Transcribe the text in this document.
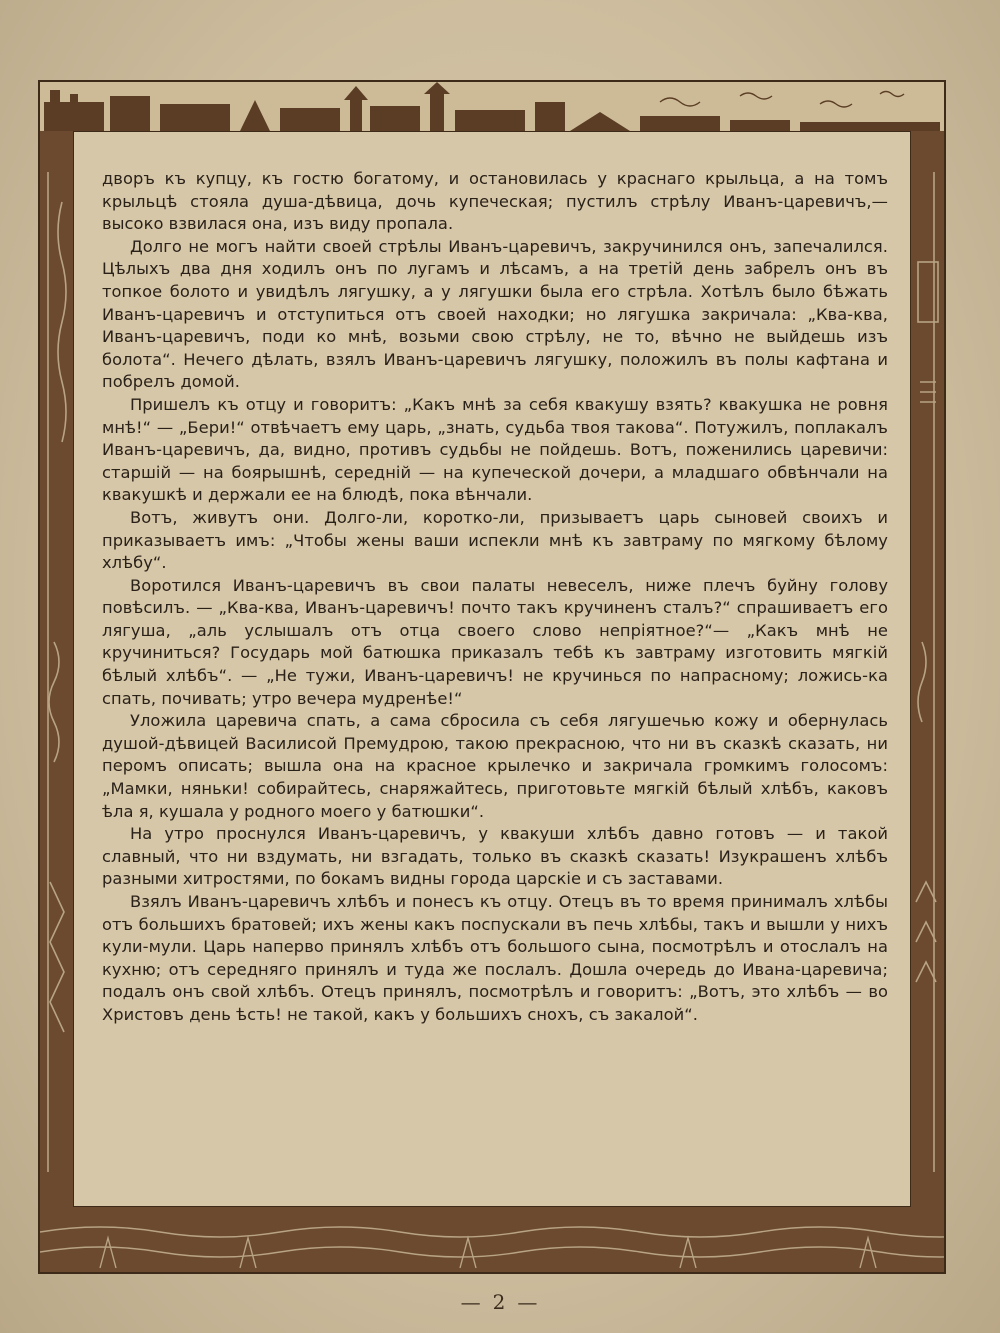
дворъ къ купцу, къ гостю богатому, и остановилась у краснаго крыльца, а на томъ крыльцѣ стояла душа-дѣвица, дочь купеческая; пустилъ стрѣлу Иванъ-царевичъ,—высоко взвилася она, изъ виду пропала.

Долго не могъ найти своей стрѣлы Иванъ-царевичъ, закручинился онъ, запечалился. Цѣлыхъ два дня ходилъ онъ по лугамъ и лѣсамъ, а на третій день забрелъ онъ въ топкое болото и увидѣлъ лягушку, а у лягушки была его стрѣла. Хотѣлъ было бѣжать Иванъ-царевичъ и отступиться отъ своей находки; но лягушка закричала: „Ква-ква, Иванъ-царевичъ, поди ко мнѣ, возьми свою стрѣлу, не то, вѣчно не выйдешь изъ болота“. Нечего дѣлать, взялъ Иванъ-царевичъ лягушку, положилъ въ полы кафтана и побрелъ домой.

Пришелъ къ отцу и говоритъ: „Какъ мнѣ за себя квакушу взять? квакушка не ровня мнѣ!“ — „Бери!“ отвѣчаетъ ему царь, „знать, судьба твоя такова“. Потужилъ, поплакалъ Иванъ-царевичъ, да, видно, противъ судьбы не пойдешь. Вотъ, поженились царевичи: старшій — на боярышнѣ, середній — на купеческой дочери, а младшаго обвѣнчали на квакушкѣ и держали ее на блюдѣ, пока вѣнчали.

Вотъ, живутъ они. Долго-ли, коротко-ли, призываетъ царь сыновей своихъ и приказываетъ имъ: „Чтобы жены ваши испекли мнѣ къ завтраму по мягкому бѣлому хлѣбу“.

Воротился Иванъ-царевичъ въ свои палаты невеселъ, ниже плечъ буйну голову повѣсилъ. — „Ква-ква, Иванъ-царевичъ! почто такъ кручиненъ сталъ?“ спрашиваетъ его лягуша, „аль услышалъ отъ отца своего слово непріятное?“— „Какъ мнѣ не кручиниться? Государь мой батюшка приказалъ тебѣ къ завтраму изготовить мягкій бѣлый хлѣбъ“. — „Не тужи, Иванъ-царевичъ! не кручинься по напрасному; ложись-ка спать, почивать; утро вечера мудренѣе!“

Уложила царевича спать, а сама сбросила съ себя лягушечью кожу и обернулась душой-дѣвицей Василисой Премудрою, такою прекрасною, что ни въ сказкѣ сказать, ни перомъ описать; вышла она на красное крылечко и закричала громкимъ голосомъ: „Мамки, няньки! собирайтесь, снаряжайтесь, приготовьте мягкій бѣлый хлѣбъ, каковъ ѣла я, кушала у родного моего у батюшки“.

На утро проснулся Иванъ-царевичъ, у квакуши хлѣбъ давно готовъ — и такой славный, что ни вздумать, ни взгадать, только въ сказкѣ сказать! Изукрашенъ хлѣбъ разными хитростями, по бокамъ видны города царскіе и съ заставами.

Взялъ Иванъ-царевичъ хлѣбъ и понесъ къ отцу. Отецъ въ то время принималъ хлѣбы отъ большихъ братовей; ихъ жены какъ поспускали въ печь хлѣбы, такъ и вышли у нихъ кули-мули. Царь напервo принялъ хлѣбъ отъ большого сына, посмотрѣлъ и отослалъ на кухню; отъ середняго принялъ и туда же послалъ. Дошла очередь до Ивана-царевича; подалъ онъ свой хлѣбъ. Отецъ принялъ, посмотрѣлъ и говоритъ: „Вотъ, это хлѣбъ — во Христовъ день ѣсть! не такой, какъ у большихъ снохъ, съ закалой“.

— 2 —
